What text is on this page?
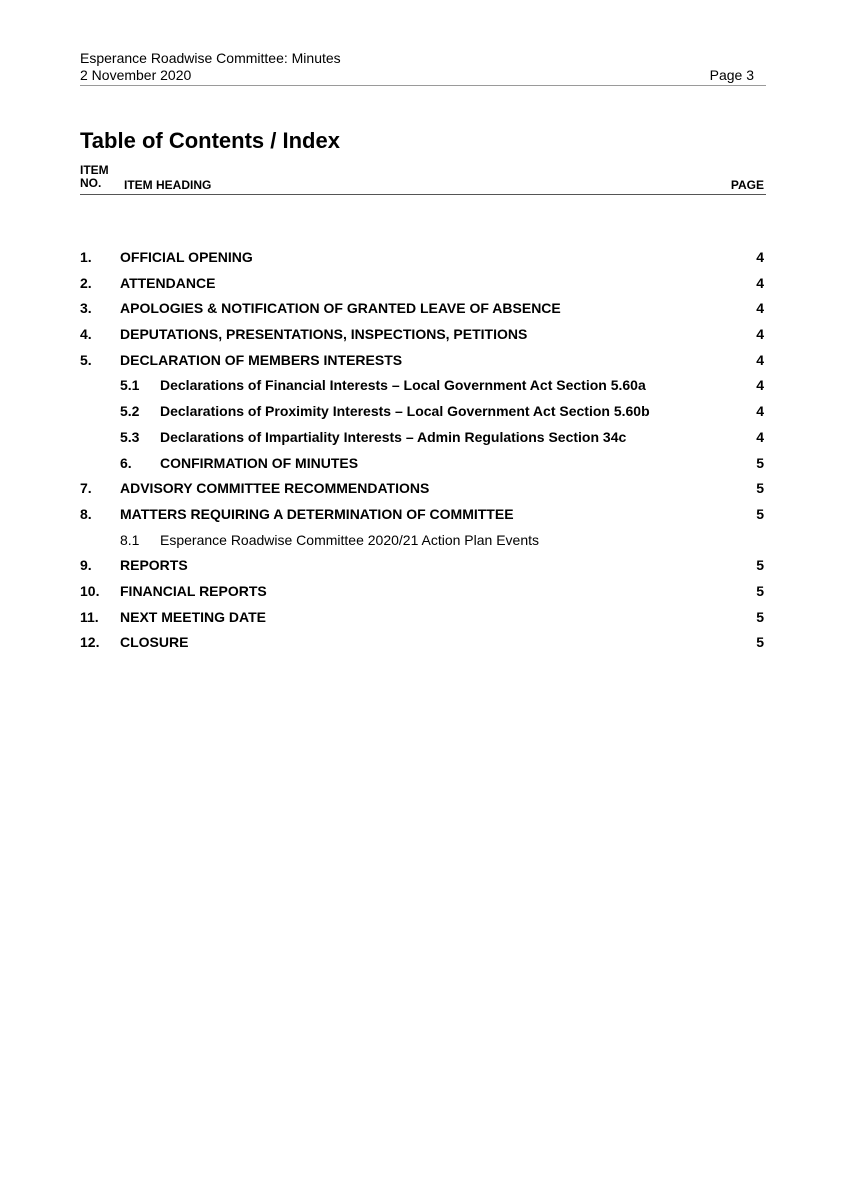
Esperance Roadwise Committee: Minutes
2 November 2020	Page 3
Table of Contents / Index
ITEM
NO.	ITEM HEADING	PAGE
1. OFFICIAL OPENING	4
2. ATTENDANCE	4
3. APOLOGIES & NOTIFICATION OF GRANTED LEAVE OF ABSENCE	4
4. DEPUTATIONS, PRESENTATIONS, INSPECTIONS, PETITIONS	4
5. DECLARATION OF MEMBERS INTERESTS	4
5.1 Declarations of Financial Interests – Local Government Act Section 5.60a	4
5.2 Declarations of Proximity Interests – Local Government Act Section 5.60b	4
5.3 Declarations of Impartiality Interests – Admin Regulations Section 34c	4
6. CONFIRMATION OF MINUTES	5
7. ADVISORY COMMITTEE RECOMMENDATIONS	5
8. MATTERS REQUIRING A DETERMINATION OF COMMITTEE	5
8.1 Esperance Roadwise Committee 2020/21 Action Plan Events
9. REPORTS	5
10. FINANCIAL REPORTS	5
11. NEXT MEETING DATE	5
12. CLOSURE	5
